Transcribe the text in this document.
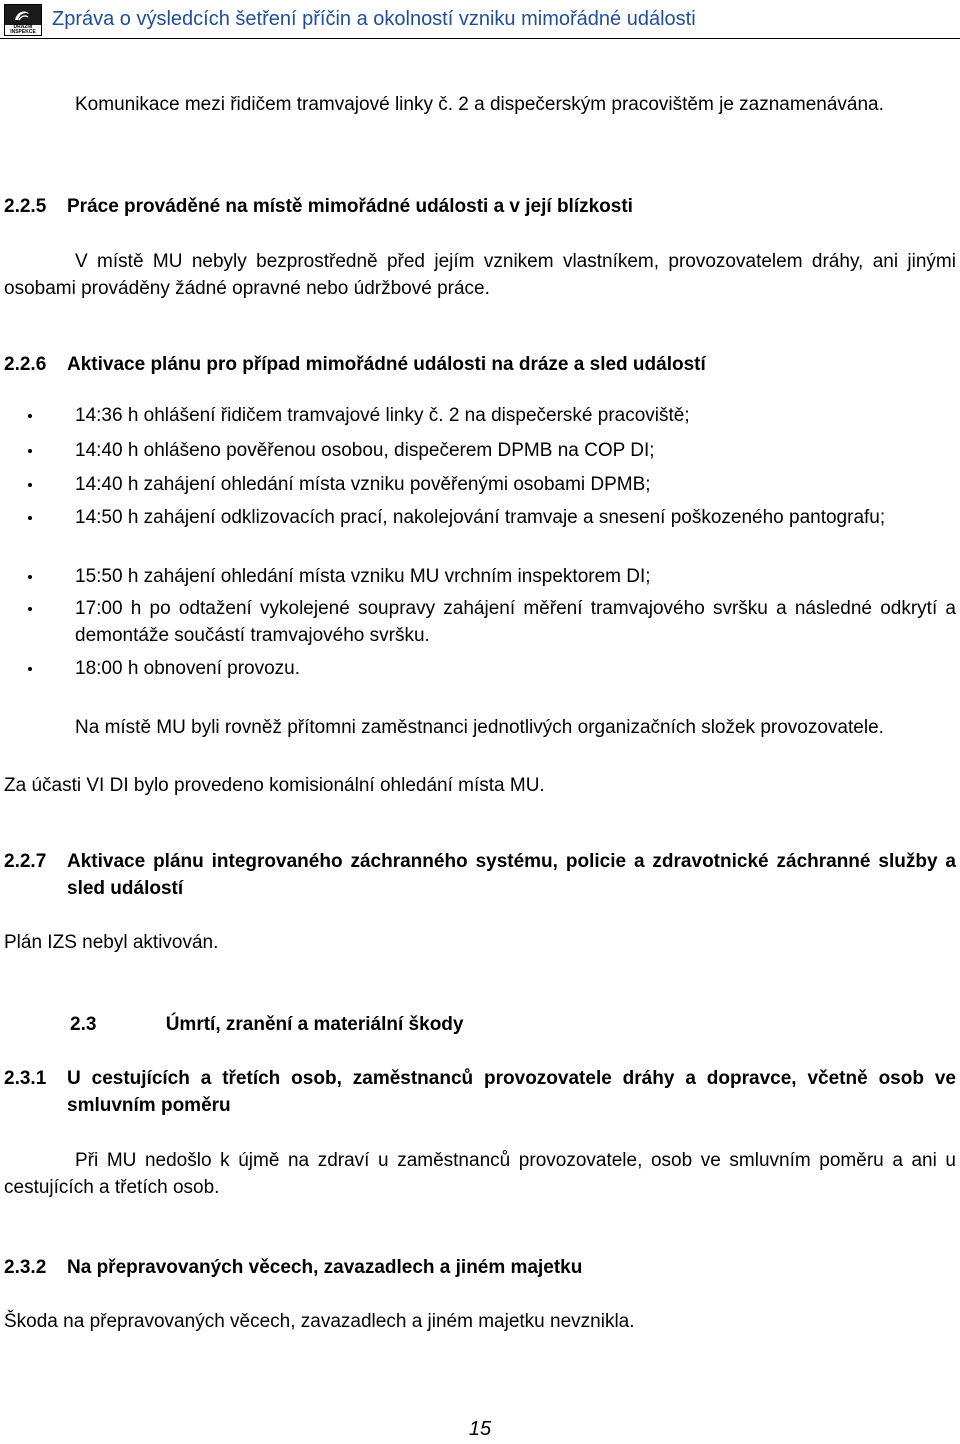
DRÁŽNÍ INSPEKCE
Zpráva o výsledcích šetření příčin a okolností vzniku mimořádné události

Komunikace mezi řidičem tramvajové linky č. 2 a dispečerským pracovištěm je zaznamenávána.

2.2.5	Práce prováděné na místě mimořádné události a v její blízkosti

V místě MU nebyly bezprostředně před jejím vznikem vlastníkem, provozovatelem dráhy, ani jinými osobami prováděny žádné opravné nebo údržbové práce.

2.2.6	Aktivace plánu pro případ mimořádné události na dráze a sled událostí
14:36 h ohlášení řidičem tramvajové linky č. 2 na dispečerské pracoviště;
14:40 h ohlášeno pověřenou osobou, dispečerem DPMB na COP DI;
14:40 h zahájení ohledání místa vzniku pověřenými osobami DPMB;
14:50 h zahájení odklizovacích prací, nakolejování tramvaje a snesení poškozeného pantografu;
15:50 h zahájení ohledání místa vzniku MU vrchním inspektorem DI;
17:00 h po odtažení vykolejené soupravy zahájení měření tramvajového svršku a následné odkrytí a demontáže součástí tramvajového svršku.
18:00 h obnovení provozu.

Na místě MU byli rovněž přítomni zaměstnanci jednotlivých organizačních složek provozovatele.

Za účasti VI DI bylo provedeno komisionální ohledání místa MU.

2.2.7	Aktivace plánu integrovaného záchranného systému, policie a zdravotnické záchranné služby a sled událostí

Plán IZS nebyl aktivován.

2.3	Úmrtí, zranění a materiální škody
2.3.1	U cestujících a třetích osob, zaměstnanců provozovatele dráhy a dopravce, včetně osob ve smluvním poměru

Při MU nedošlo k újmě na zdraví u zaměstnanců provozovatele, osob ve smluvním poměru a ani u cestujících a třetích osob.

2.3.2	Na přepravovaných věcech, zavazadlech a jiném majetku

Škoda na přepravovaných věcech, zavazadlech a jiném majetku nevznikla.

15
